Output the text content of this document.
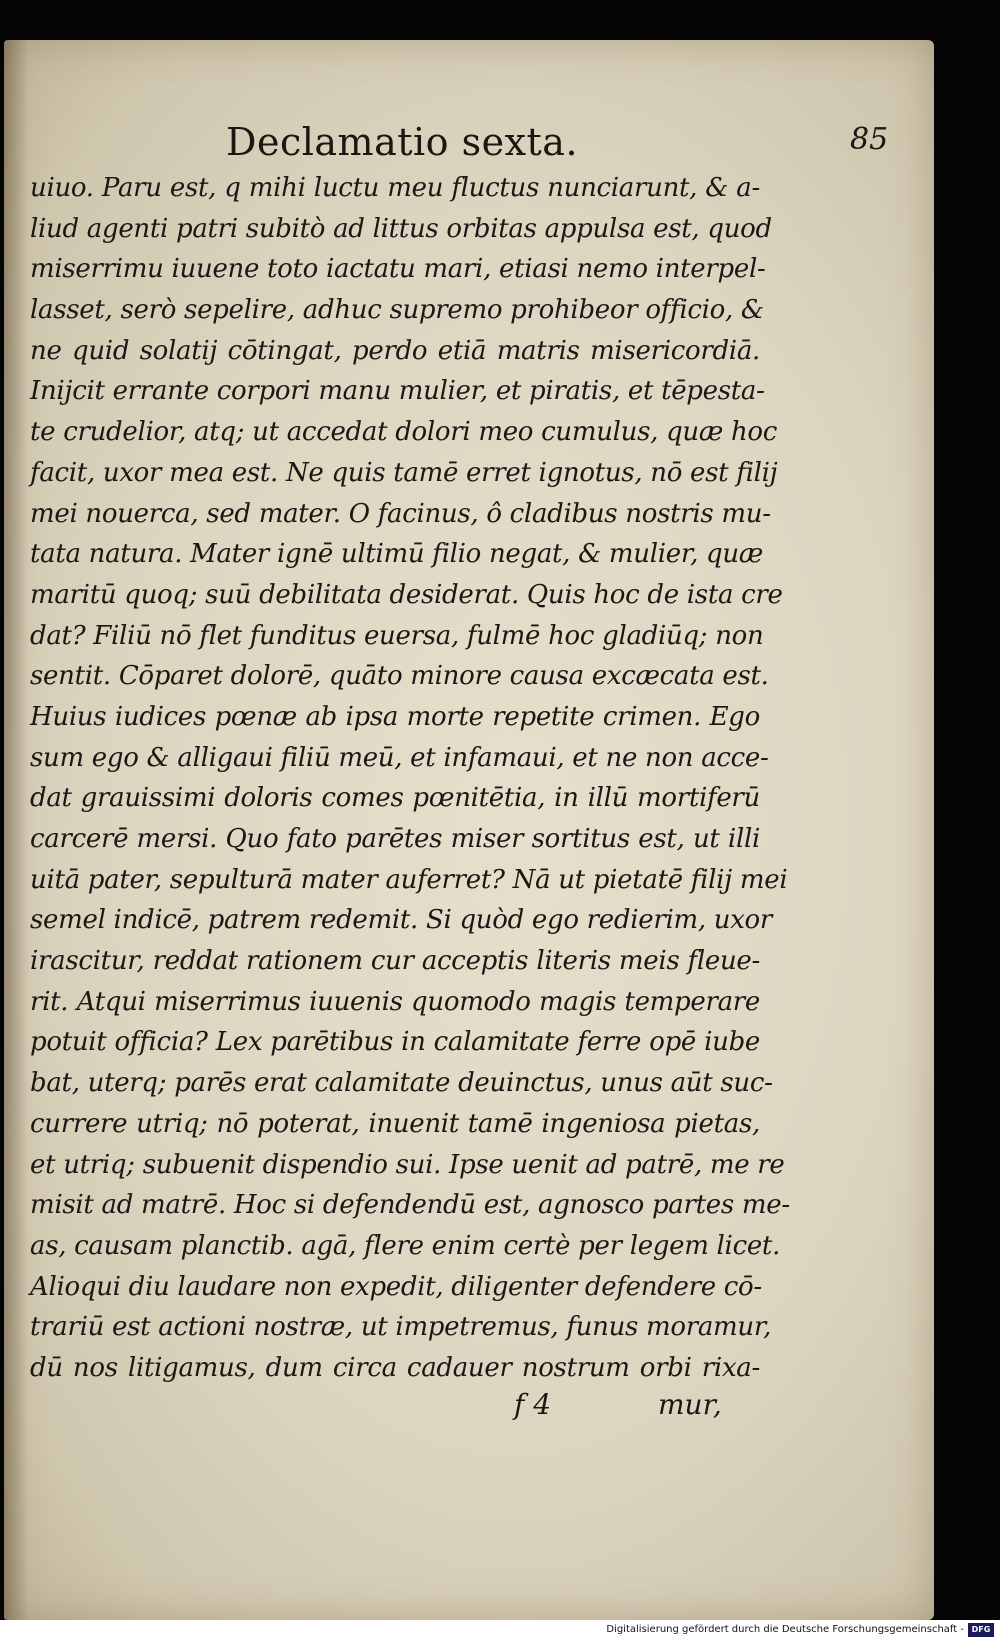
Declamatio sexta.	85
uiuo. Paru est, q mihi luctu meu fluctus nunciarunt, & a-
liud agenti patri subitò ad littus orbitas appulsa est, quod
miserrimu iuuene toto iactatu mari, etiasi nemo interpel-
lasset, serò sepelire, adhuc supremo prohibeor officio, &
ne quid solatij cōtingat, perdo etiā matris misericordiā.
Inijcit errante corpori manu mulier, et piratis, et tēpesta-
te crudelior, atq; ut accedat dolori meo cumulus, quæ hoc
facit, uxor mea est. Ne quis tamē erret ignotus, nō est filij
mei nouerca, sed mater. O facinus, ô cladibus nostris mu-
tata natura. Mater ignē ultimū filio negat, & mulier, quæ
maritū quoq; suū debilitata desiderat. Quis hoc de ista cre
dat? Filiū nō flet funditus euersa, fulmē hoc gladiūq; non
sentit. Cōparet dolorē, quāto minore causa excæcata est.
Huius iudices pœnæ ab ipsa morte repetite crimen. Ego
sum ego & alligaui filiū meū, et infamaui, et ne non acce-
dat grauissimi doloris comes pœnitētia, in illū mortiferū
carcerē mersi. Quo fato parētes miser sortitus est, ut illi
uitā pater, sepulturā mater auferret? Nā ut pietatē filij mei
semel indicē, patrem redemit. Si quòd ego redierim, uxor
irascitur, reddat rationem cur acceptis literis meis fleue-
rit. Atqui miserrimus iuuenis quomodo magis temperare
potuit officia? Lex parētibus in calamitate ferre opē iube
bat, uterq; parēs erat calamitate deuinctus, unus aūt suc-
currere utriq; nō poterat, inuenit tamē ingeniosa pietas,
et utriq; subuenit dispendio sui. Ipse uenit ad patrē, me re
misit ad matrē. Hoc si defendendū est, agnosco partes me-
as, causam planctib. agā, flere enim certè per legem licet.
Alioqui diu laudare non expedit, diligenter defendere cō-
trariū est actioni nostræ, ut impetremus, funus moramur,
dū nos litigamus, dum circa cadauer nostrum orbi rixa-
f 4	mur,
Digitalisierung gefördert durch die Deutsche Forschungsgemeinschaft - DFG
